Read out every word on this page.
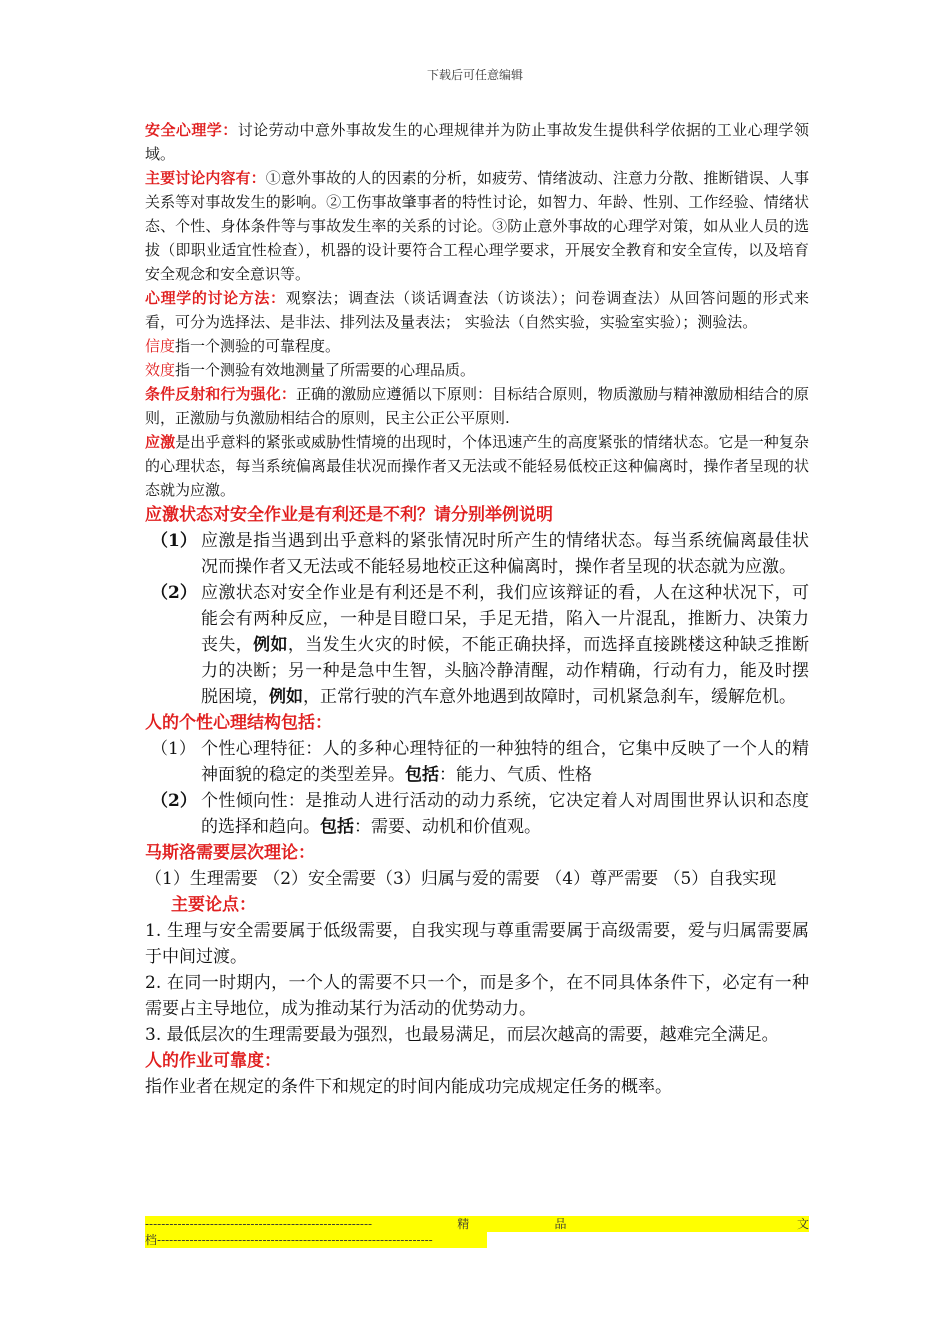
下载后可任意编辑

安全心理学：讨论劳动中意外事故发生的心理规律并为防止事故发生提供科学依据的工业心理学领域。

主要讨论内容有：①意外事故的人的因素的分析，如疲劳、情绪波动、注意力分散、推断错误、人事关系等对事故发生的影响。②工伤事故肇事者的特性讨论，如智力、年龄、性别、工作经验、情绪状态、个性、身体条件等与事故发生率的关系的讨论。③防止意外事故的心理学对策，如从业人员的选拔（即职业适宜性检查），机器的设计要符合工程心理学要求，开展安全教育和安全宣传，以及培育安全观念和安全意识等。

心理学的讨论方法：观察法；调查法（谈话调查法（访谈法）；问卷调查法）从回答问题的形式来看，可分为选择法、是非法、排列法及量表法； 实验法（自然实验，实验室实验）；测验法。

信度指一个测验的可靠程度。

效度指一个测验有效地测量了所需要的心理品质。

条件反射和行为强化：正确的激励应遵循以下原则：目标结合原则，物质激励与精神激励相结合的原则，正激励与负激励相结合的原则，民主公正公平原则.

应激是出乎意料的紧张或威胁性情境的出现时，个体迅速产生的高度紧张的情绪状态。它是一种复杂的心理状态，每当系统偏离最佳状况而操作者又无法或不能轻易低校正这种偏离时，操作者呈现的状态就为应激。

应激状态对安全作业是有利还是不利？请分别举例说明

（1） 应激是指当遇到出乎意料的紧张情况时所产生的情绪状态。每当系统偏离最佳状况而操作者又无法或不能轻易地校正这种偏离时，操作者呈现的状态就为应激。
（2） 应激状态对安全作业是有利还是不利，我们应该辩证的看，人在这种状况下，可能会有两种反应，一种是目瞪口呆，手足无措，陷入一片混乱，推断力、决策力丧失，例如，当发生火灾的时候，不能正确抉择，而选择直接跳楼这种缺乏推断力的决断；另一种是急中生智，头脑冷静清醒，动作精确，行动有力，能及时摆脱困境，例如，正常行驶的汽车意外地遇到故障时，司机紧急刹车，缓解危机。

人的个性心理结构包括：

（1） 个性心理特征：人的多种心理特征的一种独特的组合，它集中反映了一个人的精神面貌的稳定的类型差异。包括：能力、气质、性格
（2） 个性倾向性：是推动人进行活动的动力系统，它决定着人对周围世界认识和态度的选择和趋向。包括：需要、动机和价值观。

马斯洛需要层次理论：

（1）生理需要 （2）安全需要（3）归属与爱的需要 （4）尊严需要 （5）自我实现

主要论点：

1. 生理与安全需要属于低级需要，自我实现与尊重需要属于高级需要，爱与归属需要属于中间过渡。

2. 在同一时期内，一个人的需要不只一个，而是多个，在不同具体条件下，必定有一种需要占主导地位，成为推动某行为活动的优势动力。

3. 最低层次的生理需要最为强烈，也最易满足，而层次越高的需要，越难完全满足。

人的作业可靠度：

指作业者在规定的条件下和规定的时间内能成功完成规定任务的概率。

--------------------------------------------------------	精	品	文
档--------------------------------------------------------------------
